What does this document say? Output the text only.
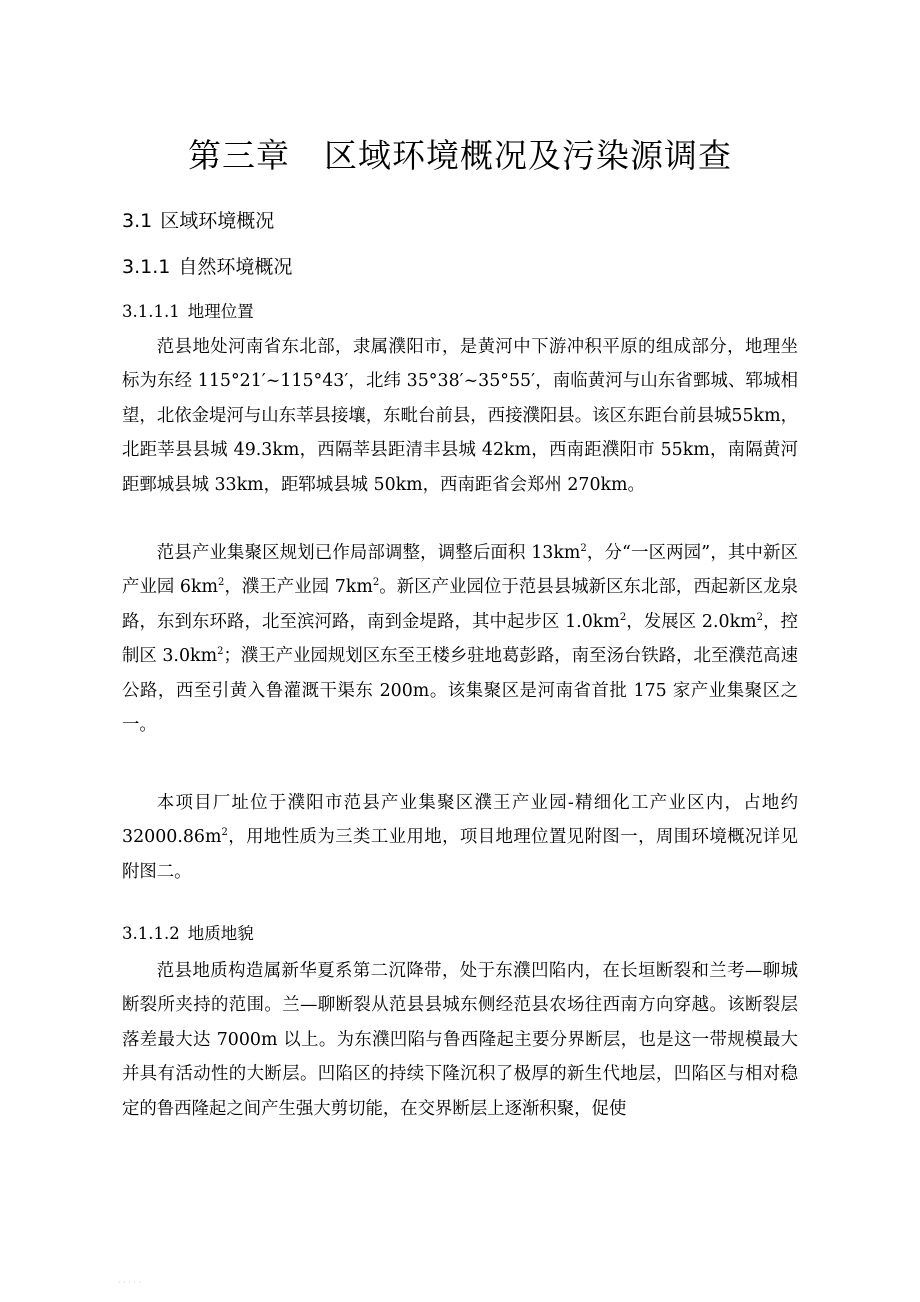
第三章　区域环境概况及污染源调查
3.1 区域环境概况
3.1.1 自然环境概况
3.1.1.1 地理位置

范县地处河南省东北部，隶属濮阳市，是黄河中下游冲积平原的组成部分，地理坐标为东经 115°21′~115°43′，北纬 35°38′~35°55′，南临黄河与山东省鄄城、郓城相望，北依金堤河与山东莘县接壤，东毗台前县，西接濮阳县。该区东距台前县城55km，北距莘县县城 49.3km，西隔莘县距清丰县城 42km，西南距濮阳市 55km，南隔黄河距鄄城县城 33km，距郓城县城 50km，西南距省会郑州 270km。

范县产业集聚区规划已作局部调整，调整后面积 $13km^2$，分“一区两园”，其中新区产业园 $6km^2$，濮王产业园 $7km^2$。新区产业园位于范县县城新区东北部，西起新区龙泉路，东到东环路，北至滨河路，南到金堤路，其中起步区 $1.0km^2$，发展区 $2.0km^2$，控制区 $3.0km^2$；濮王产业园规划区东至王楼乡驻地葛彭路，南至汤台铁路，北至濮范高速公路，西至引黄入鲁灌溉干渠东 200m。该集聚区是河南省首批 175 家产业集聚区之一。

本项目厂址位于濮阳市范县产业集聚区濮王产业园-精细化工产业区内，占地约 $32000.86m^2$，用地性质为三类工业用地，项目地理位置见附图一，周围环境概况详见附图二。

3.1.1.2 地质地貌

范县地质构造属新华夏系第二沉降带，处于东濮凹陷内，在长垣断裂和兰考—聊城断裂所夹持的范围。兰—聊断裂从范县县城东侧经范县农场往西南方向穿越。该断裂层落差最大达 7000m 以上。为东濮凹陷与鲁西隆起主要分界断层，也是这一带规模最大并具有活动性的大断层。凹陷区的持续下隆沉积了极厚的新生代地层，凹陷区与相对稳定的鲁西隆起之间产生强大剪切能，在交界断层上逐渐积聚，促使

· · · · ·
